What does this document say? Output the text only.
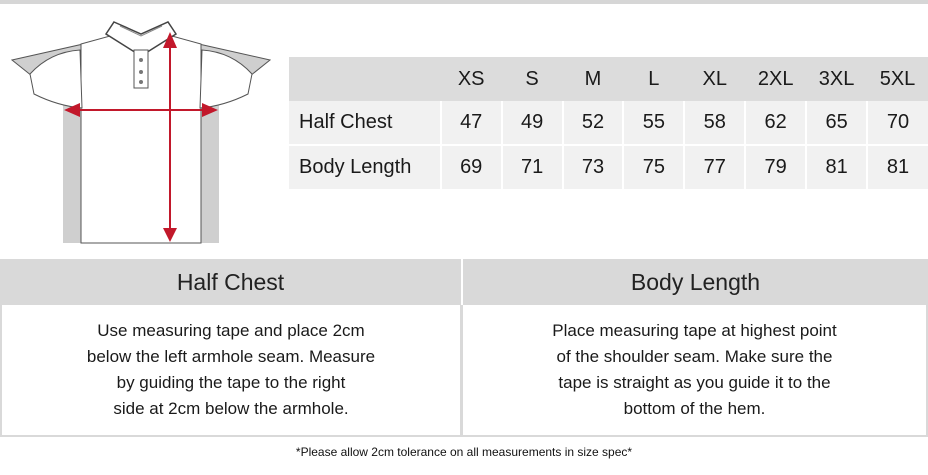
	XS	S	M	L	XL	2XL	3XL	5XL
Half Chest	47	49	52	55	58	62	65	70
Body Length	69	71	73	75	77	79	81	81
Half Chest	Body Length
Use measuring tape and place 2cm
below the left armhole seam. Measure
by guiding the tape to the right
side at 2cm below the armhole.
Place measuring tape at highest point
of the shoulder seam. Make sure the
tape is straight as you guide it to the
bottom of the hem.
*Please allow 2cm tolerance on all measurements in size spec*
